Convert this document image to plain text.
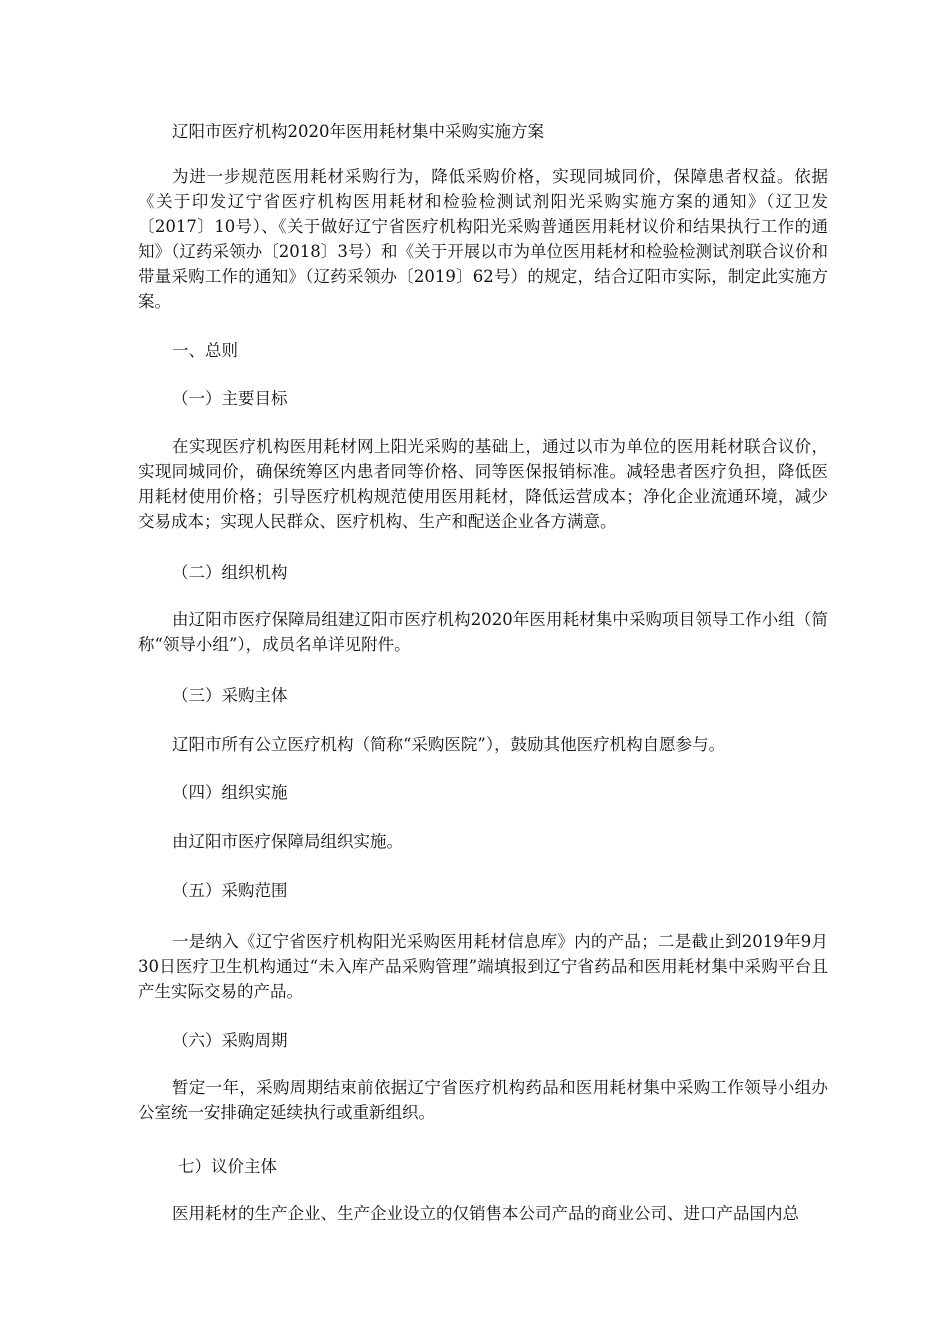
辽阳市医疗机构2020年医用耗材集中采购实施方案

为进一步规范医用耗材采购行为，降低采购价格，实现同城同价，保障患者权益。依据《关于印发辽宁省医疗机构医用耗材和检验检测试剂阳光采购实施方案的通知》（辽卫发〔2017〕10号）、《关于做好辽宁省医疗机构阳光采购普通医用耗材议价和结果执行工作的通知》（辽药采领办〔2018〕3号）和《关于开展以市为单位医用耗材和检验检测试剂联合议价和带量采购工作的通知》（辽药采领办〔2019〕62号）的规定，结合辽阳市实际，制定此实施方案。

一、总则

（一）主要目标

在实现医疗机构医用耗材网上阳光采购的基础上，通过以市为单位的医用耗材联合议价，实现同城同价，确保统筹区内患者同等价格、同等医保报销标准。减轻患者医疗负担，降低医用耗材使用价格；引导医疗机构规范使用医用耗材，降低运营成本；净化企业流通环境，减少交易成本；实现人民群众、医疗机构、生产和配送企业各方满意。

（二）组织机构

由辽阳市医疗保障局组建辽阳市医疗机构2020年医用耗材集中采购项目领导工作小组（简称“领导小组”），成员名单详见附件。

（三）采购主体

辽阳市所有公立医疗机构（简称“采购医院”），鼓励其他医疗机构自愿参与。

（四）组织实施

由辽阳市医疗保障局组织实施。

（五）采购范围

一是纳入《辽宁省医疗机构阳光采购医用耗材信息库》内的产品；二是截止到2019年9月30日医疗卫生机构通过“未入库产品采购管理”端填报到辽宁省药品和医用耗材集中采购平台且产生实际交易的产品。

（六）采购周期

暂定一年，采购周期结束前依据辽宁省医疗机构药品和医用耗材集中采购工作领导小组办公室统一安排确定延续执行或重新组织。

七）议价主体

医用耗材的生产企业、生产企业设立的仅销售本公司产品的商业公司、进口产品国内总
